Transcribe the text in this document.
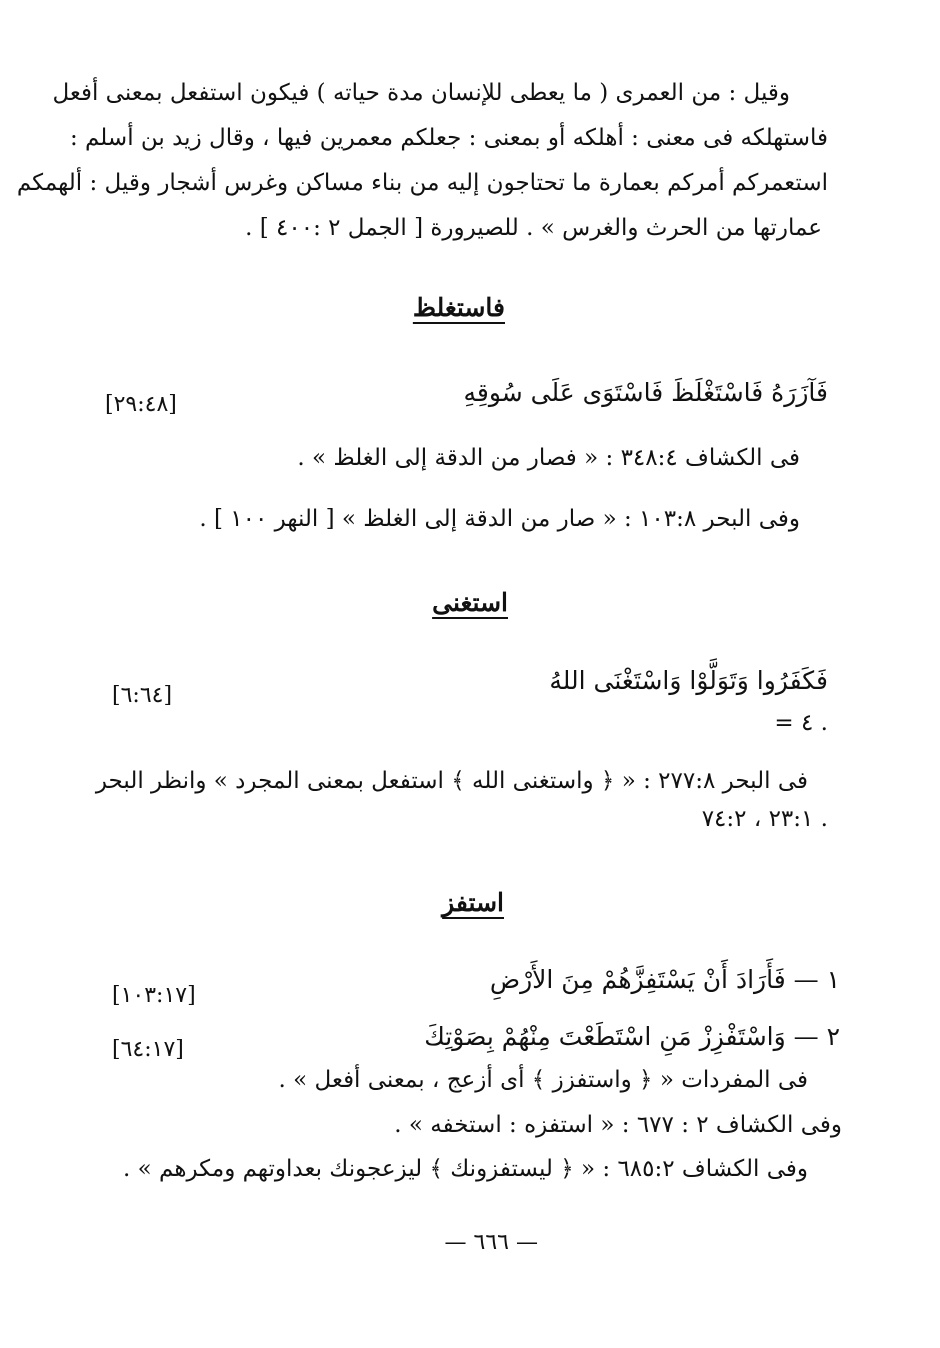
وقيل : من العمرى ( ما يعطى للإنسان مدة حياته ) فيكون استفعل بمعنى أفعل
فاستهلكه فى معنى : أهلكه أو بمعنى : جعلكم معمرين فيها ، وقال زيد بن أسلم :
استعمركم أمركم بعمارة ما تحتاجون إليه من بناء مساكن وغرس أشجار وقيل : ألهمكم
عمارتها من الحرث والغرس » . للصيرورة [ الجمل ٢ :٤٠٠ ] .
فاستغلظ
فَآزَرَهُ فَاسْتَغْلَظَ فَاسْتَوَى عَلَى سُوقِهِ
[٢٩:٤٨]
فى الكشاف ٣٤٨:٤ : « فصار من الدقة إلى الغلظ » .
وفى البحر ١٠٣:٨ : « صار من الدقة إلى الغلظ » [ النهر ١٠٠ ] .
استغنى
فَكَفَرُوا وَتَوَلَّوْا وَاسْتَغْنَى اللهُ
[٦:٦٤]
= ٤ .
فى البحر ٢٧٧:٨ : « ﴿ واستغنى الله ﴾ استفعل بمعنى المجرد » وانظر البحر
٢٣:١ ، ٧٤:٢ .
استفز
١ — فَأَرَادَ أَنْ يَسْتَفِزَّهُمْ مِنَ الأَرْضِ
[١٠٣:١٧]
٢ — وَاسْتَفْزِزْ مَنِ اسْتَطَعْتَ مِنْهُمْ بِصَوْتِكَ
[٦٤:١٧]
فى المفردات « ﴿ واستفزز ﴾ أى أزعج ، بمعنى أفعل » .
وفى الكشاف ٢ : ٦٧٧ : « استفزه : استخفه » .
وفى الكشاف ٦٨٥:٢ : « ﴿ ليستفزونك ﴾ ليزعجونك بعداوتهم ومكرهم » .
— ٦٦٦ —
